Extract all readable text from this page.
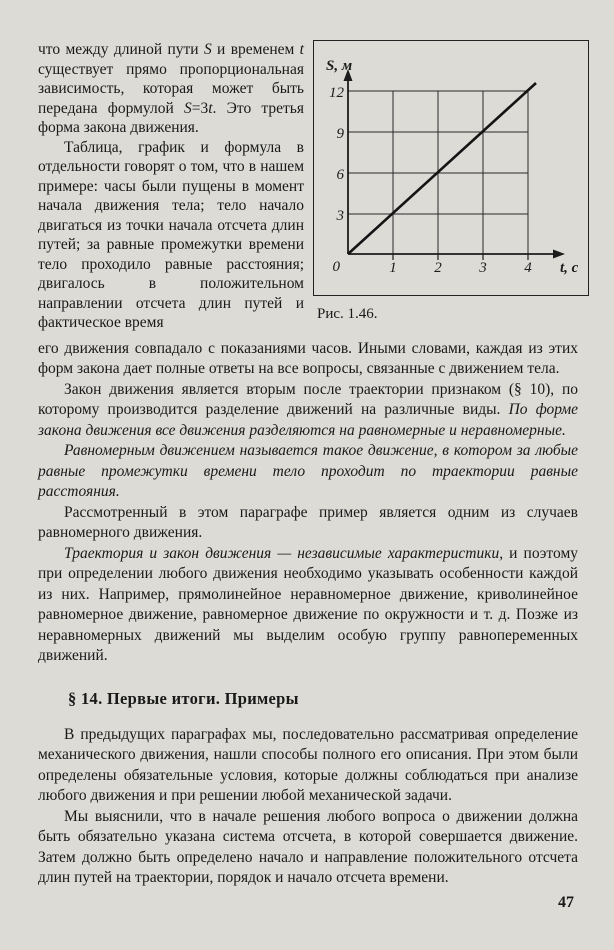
что между длиной пути S и временем t существует прямо пропорциональная зависимость, которая может быть передана формулой S=3t. Это третья форма закона движения.

Таблица, график и формула в отдельности говорят о том, что в нашем примере: часы были пущены в момент начала движения тела; тело начало двигаться из точки начала отсчета длин путей; за равные промежутки времени тело проходило равные расстояния; двигалось в положительном направлении отсчета длин путей и фактическое время

S, м
t, с
12
9
6
3
0	1	2	3	4

Рис. 1.46.

его движения совпадало с показаниями часов. Иными словами, каждая из этих форм закона дает полные ответы на все вопросы, связанные с движением тела.

Закон движения является вторым после траектории признаком (§ 10), по которому производится разделение движений на различные виды. По форме закона движения все движения разделяются на равномерные и неравномерные.

Равномерным движением называется такое движение, в котором за любые равные промежутки времени тело проходит по траектории равные расстояния.

Рассмотренный в этом параграфе пример является одним из случаев равномерного движения.

Траектория и закон движения — независимые характеристики, и поэтому при определении любого движения необходимо указывать особенности каждой из них. Например, прямолинейное неравномерное движение, криволинейное равномерное движение, равномерное движение по окружности и т. д. Позже из неравномерных движений мы выделим особую группу равнопеременных движений.

§ 14. Первые итоги. Примеры

В предыдущих параграфах мы, последовательно рассматривая определение механического движения, нашли способы полного его описания. При этом были определены обязательные условия, которые должны соблюдаться при анализе любого движения и при решении любой механической задачи.

Мы выяснили, что в начале решения любого вопроса о движении должна быть обязательно указана система отсчета, в которой совершается движение. Затем должно быть определено начало и направление положительного отсчета длин путей на траектории, порядок и начало отсчета времени.

47
